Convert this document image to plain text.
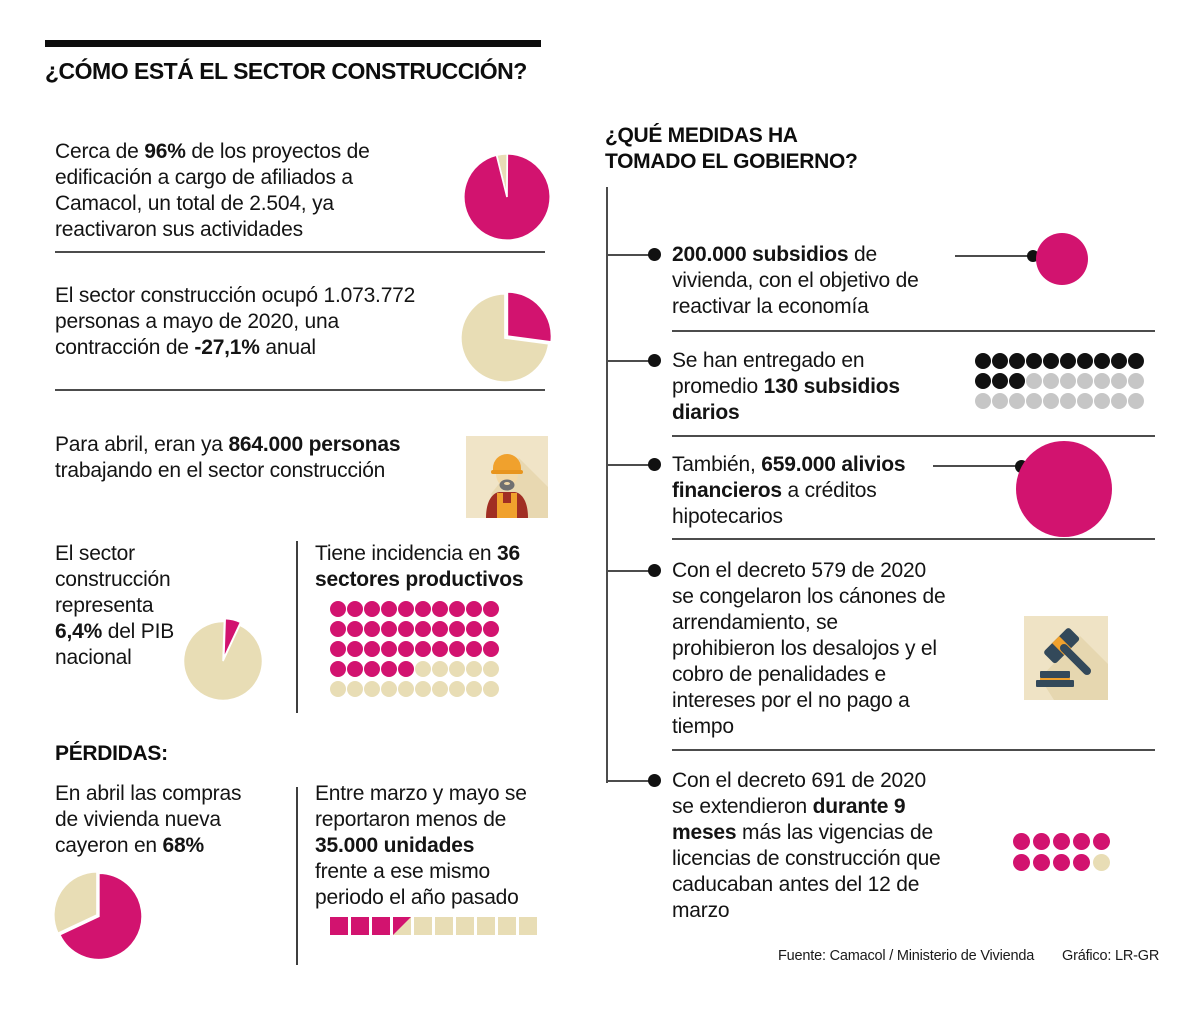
¿CÓMO ESTÁ EL SECTOR CONSTRUCCIÓN?
Cerca de 96% de los proyectos de
edificación a cargo de afiliados a
Camacol, un total de 2.504, ya
reactivaron sus actividades
El sector construcción ocupó 1.073.772
personas a mayo de 2020, una
contracción de -27,1% anual
Para abril, eran ya 864.000 personas
trabajando en el sector construcción
El sector
construcción
representa
6,4% del PIB
nacional
Tiene incidencia en 36
sectores productivos
PÉRDIDAS:
En abril las compras
de vivienda nueva
cayeron en 68%
Entre marzo y mayo se
reportaron menos de
35.000 unidades
frente a ese mismo
periodo el año pasado
¿QUÉ MEDIDAS HA
TOMADO EL GOBIERNO?
200.000 subsidios de
vivienda, con el objetivo de
reactivar la economía
Se han entregado en
promedio 130 subsidios
diarios
También, 659.000 alivios
financieros a créditos
hipotecarios
Con el decreto 579 de 2020
se congelaron los cánones de
arrendamiento, se
prohibieron los desalojos y el
cobro de penalidades e
intereses por el no pago a
tiempo
Con el decreto 691 de 2020
se extendieron durante 9
meses más las vigencias de
licencias de construcción que
caducaban antes del 12 de
marzo
Fuente: Camacol / Ministerio de Vivienda Gráfico: LR-GR
